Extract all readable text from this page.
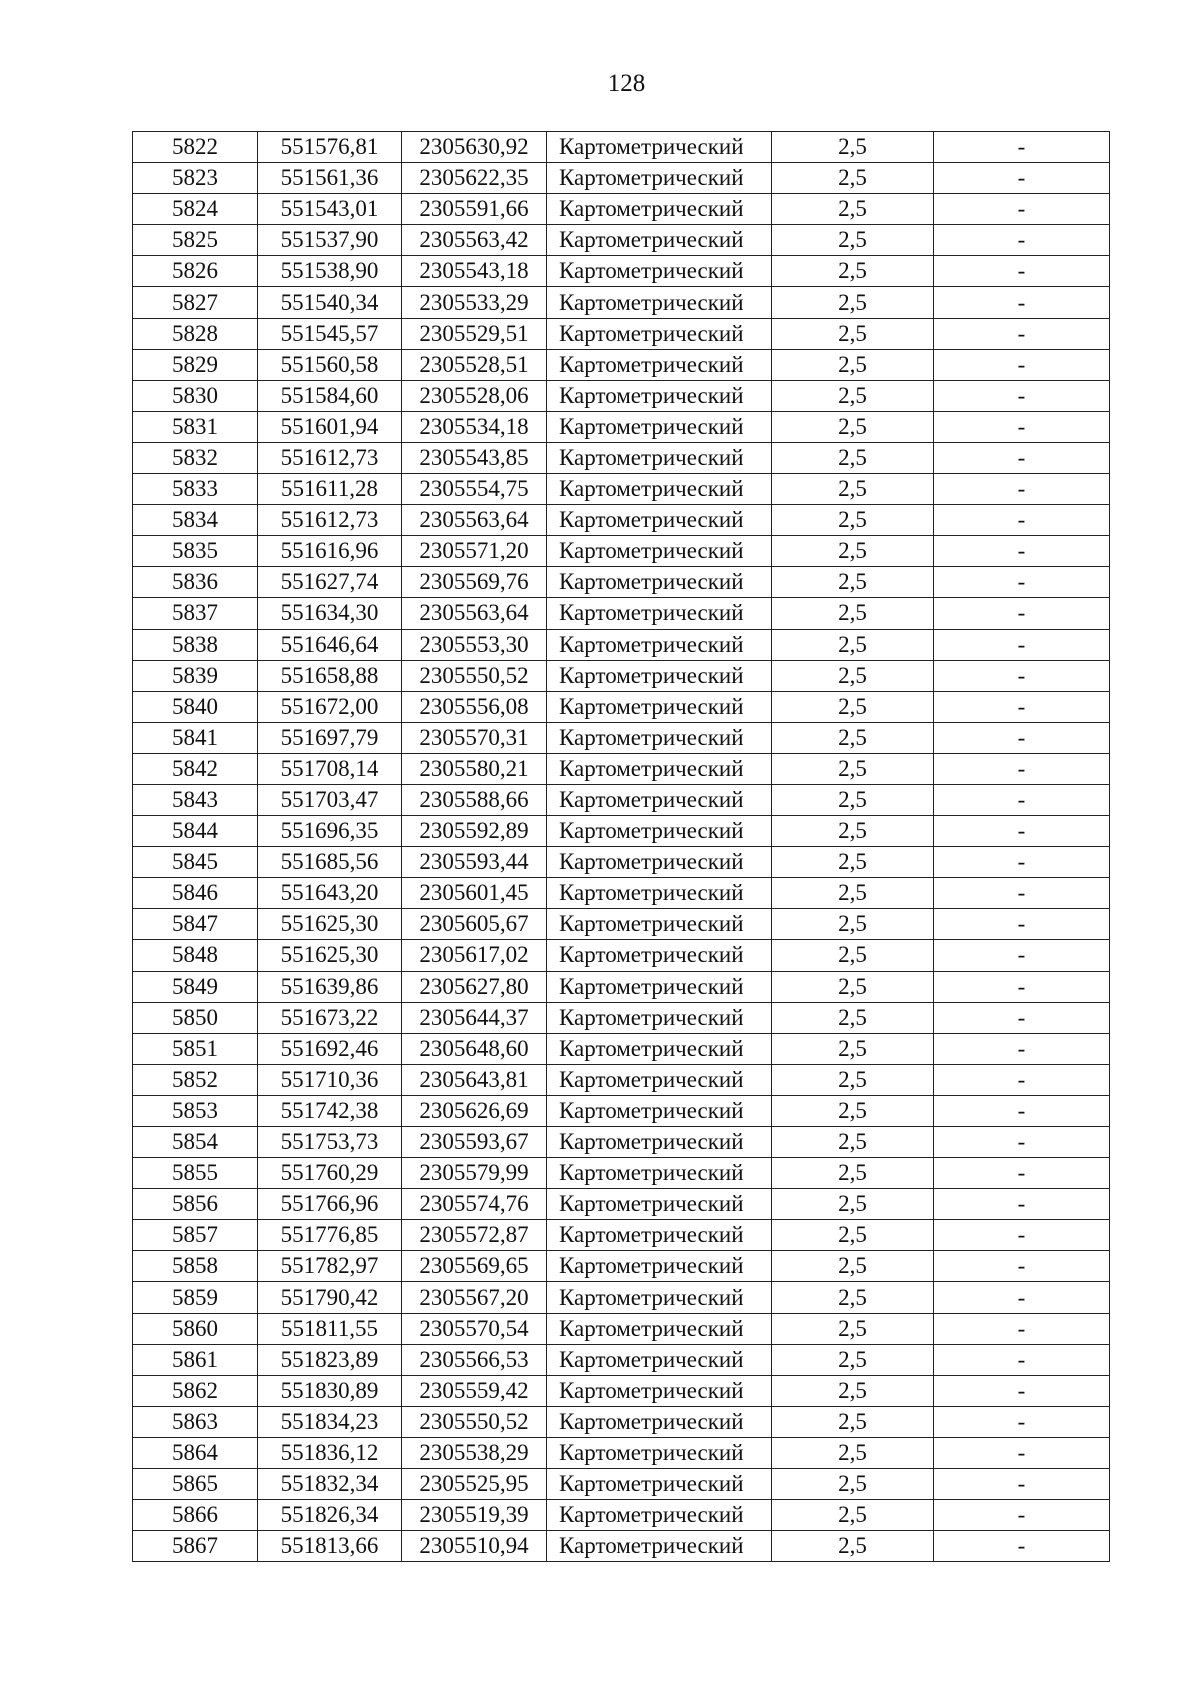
128
5822	551576,81	2305630,92	Картометрический	2,5	-
5823	551561,36	2305622,35	Картометрический	2,5	-
5824	551543,01	2305591,66	Картометрический	2,5	-
5825	551537,90	2305563,42	Картометрический	2,5	-
5826	551538,90	2305543,18	Картометрический	2,5	-
5827	551540,34	2305533,29	Картометрический	2,5	-
5828	551545,57	2305529,51	Картометрический	2,5	-
5829	551560,58	2305528,51	Картометрический	2,5	-
5830	551584,60	2305528,06	Картометрический	2,5	-
5831	551601,94	2305534,18	Картометрический	2,5	-
5832	551612,73	2305543,85	Картометрический	2,5	-
5833	551611,28	2305554,75	Картометрический	2,5	-
5834	551612,73	2305563,64	Картометрический	2,5	-
5835	551616,96	2305571,20	Картометрический	2,5	-
5836	551627,74	2305569,76	Картометрический	2,5	-
5837	551634,30	2305563,64	Картометрический	2,5	-
5838	551646,64	2305553,30	Картометрический	2,5	-
5839	551658,88	2305550,52	Картометрический	2,5	-
5840	551672,00	2305556,08	Картометрический	2,5	-
5841	551697,79	2305570,31	Картометрический	2,5	-
5842	551708,14	2305580,21	Картометрический	2,5	-
5843	551703,47	2305588,66	Картометрический	2,5	-
5844	551696,35	2305592,89	Картометрический	2,5	-
5845	551685,56	2305593,44	Картометрический	2,5	-
5846	551643,20	2305601,45	Картометрический	2,5	-
5847	551625,30	2305605,67	Картометрический	2,5	-
5848	551625,30	2305617,02	Картометрический	2,5	-
5849	551639,86	2305627,80	Картометрический	2,5	-
5850	551673,22	2305644,37	Картометрический	2,5	-
5851	551692,46	2305648,60	Картометрический	2,5	-
5852	551710,36	2305643,81	Картометрический	2,5	-
5853	551742,38	2305626,69	Картометрический	2,5	-
5854	551753,73	2305593,67	Картометрический	2,5	-
5855	551760,29	2305579,99	Картометрический	2,5	-
5856	551766,96	2305574,76	Картометрический	2,5	-
5857	551776,85	2305572,87	Картометрический	2,5	-
5858	551782,97	2305569,65	Картометрический	2,5	-
5859	551790,42	2305567,20	Картометрический	2,5	-
5860	551811,55	2305570,54	Картометрический	2,5	-
5861	551823,89	2305566,53	Картометрический	2,5	-
5862	551830,89	2305559,42	Картометрический	2,5	-
5863	551834,23	2305550,52	Картометрический	2,5	-
5864	551836,12	2305538,29	Картометрический	2,5	-
5865	551832,34	2305525,95	Картометрический	2,5	-
5866	551826,34	2305519,39	Картометрический	2,5	-
5867	551813,66	2305510,94	Картометрический	2,5	-
